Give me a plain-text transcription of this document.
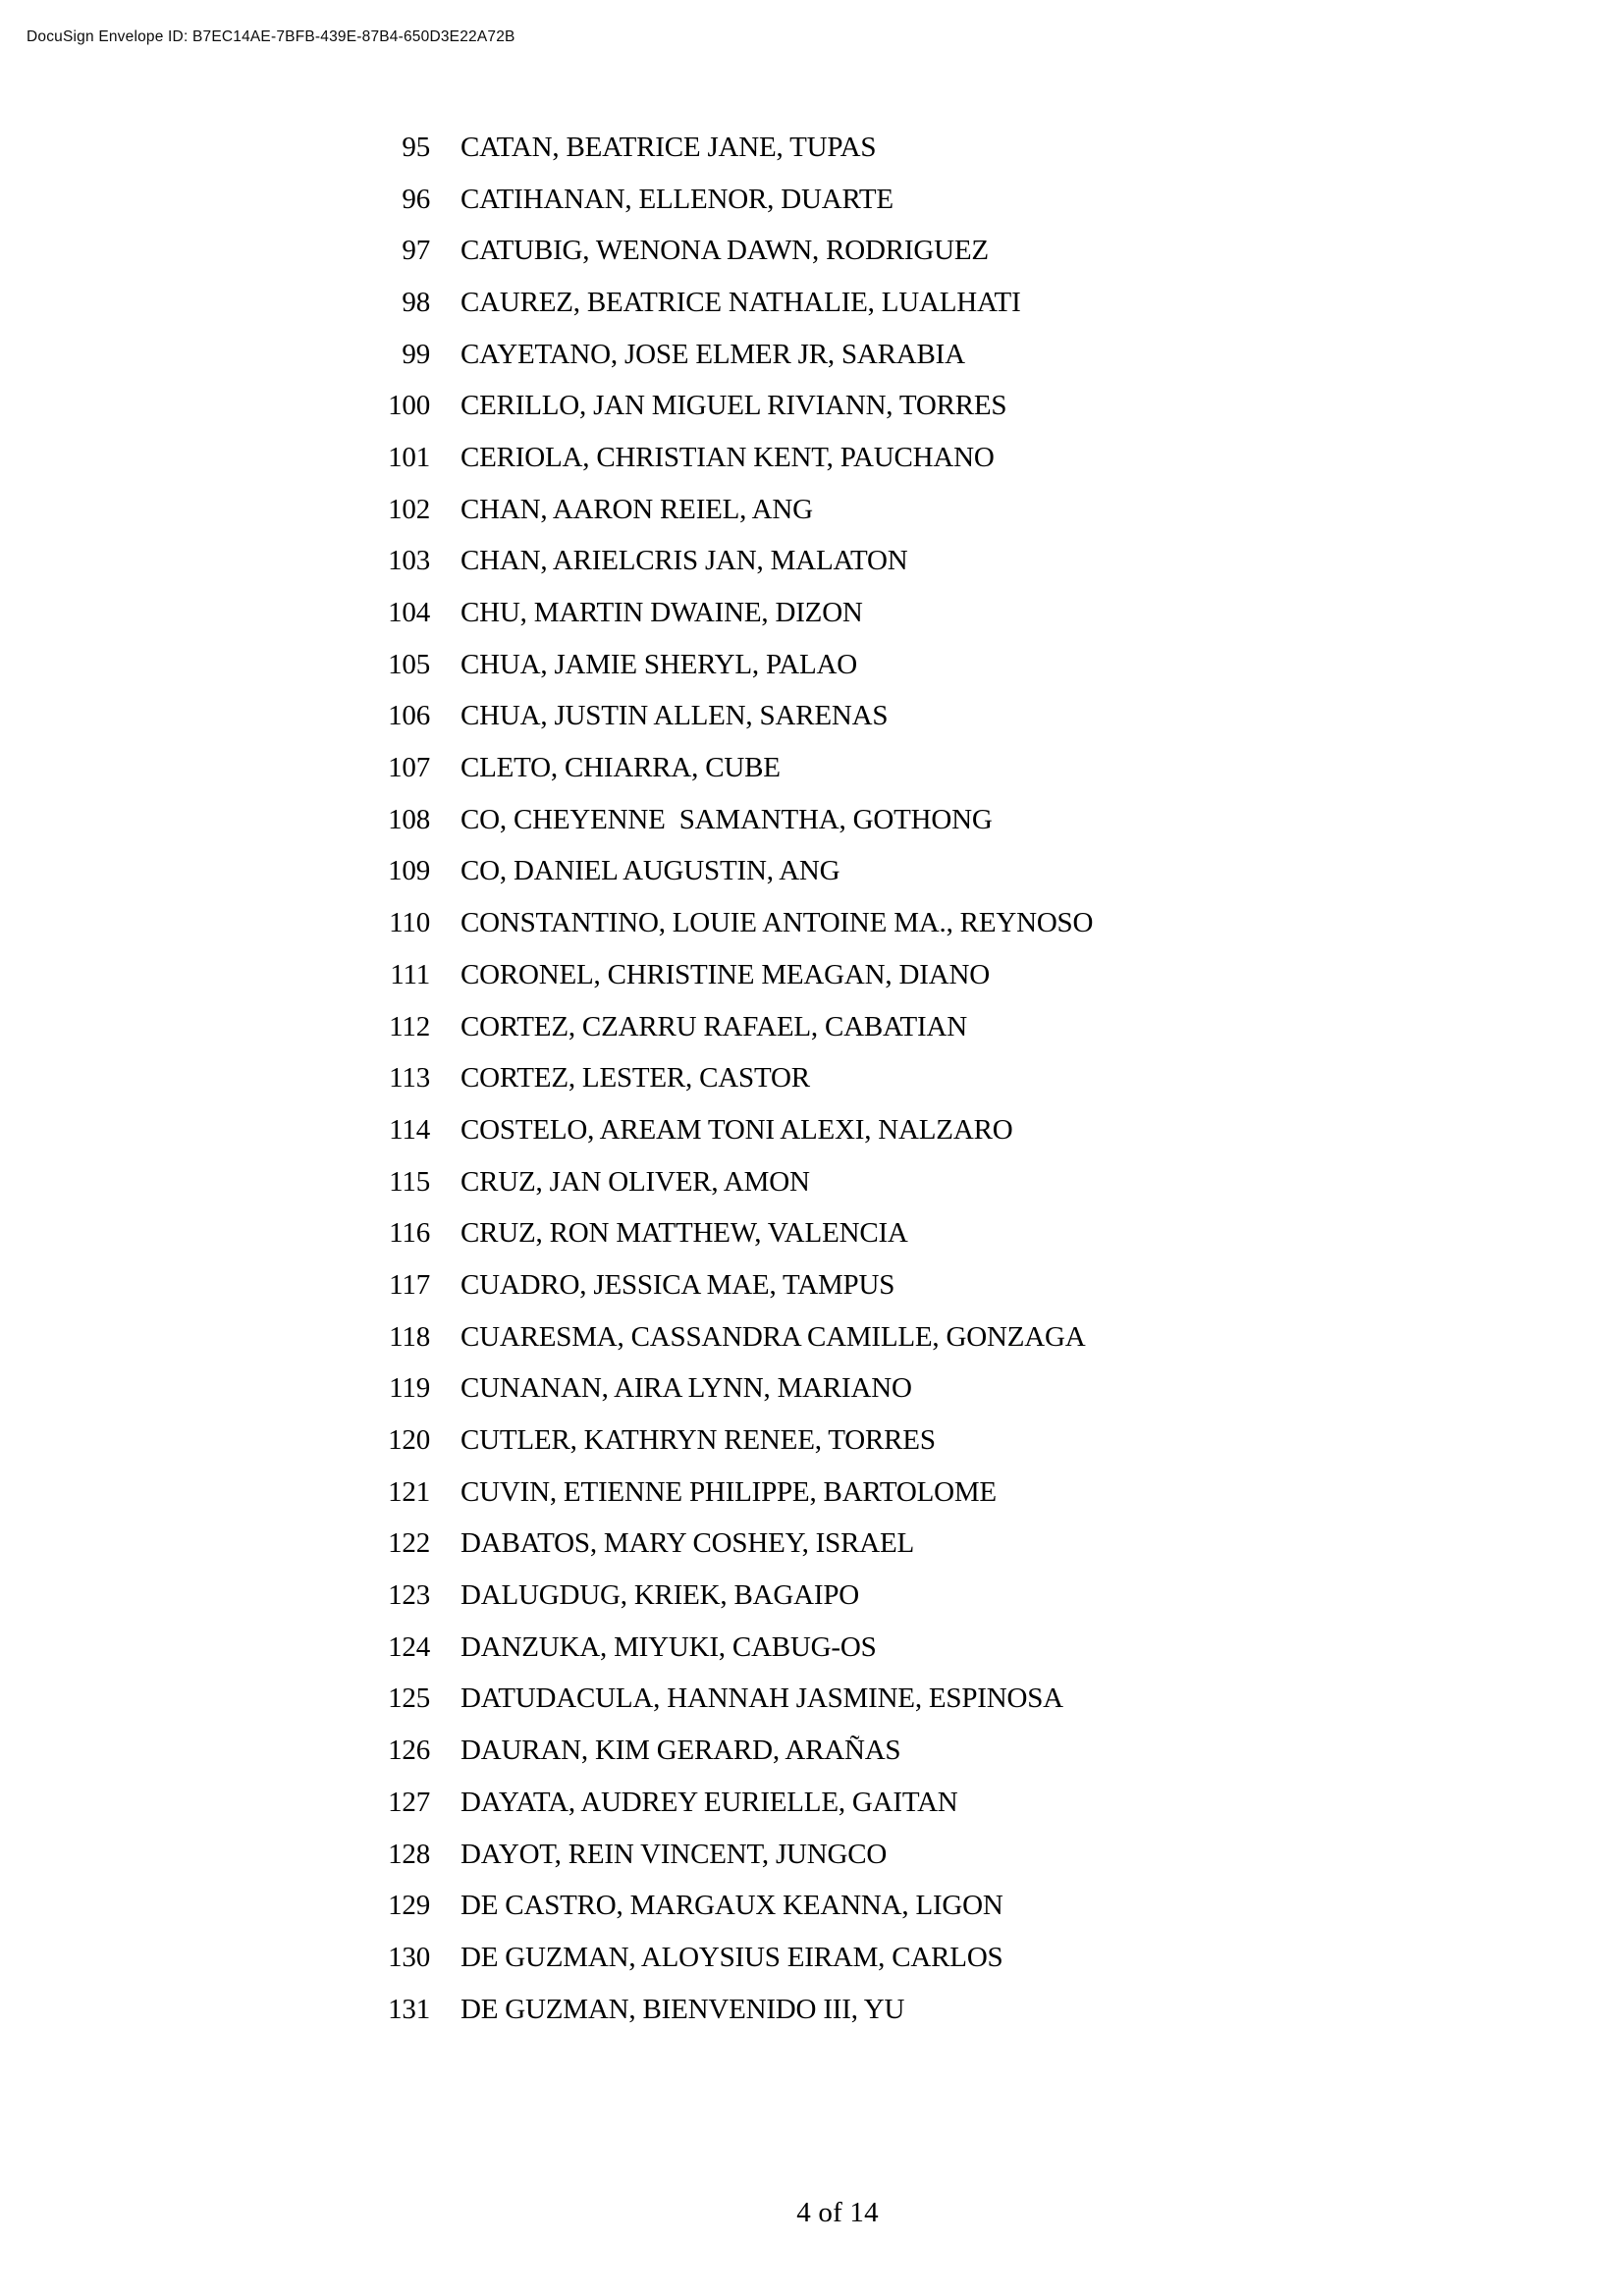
DocuSign Envelope ID: B7EC14AE-7BFB-439E-87B4-650D3E22A72B
95 CATAN, BEATRICE JANE, TUPAS
96 CATIHANAN, ELLENOR, DUARTE
97 CATUBIG, WENONA DAWN, RODRIGUEZ
98 CAUREZ, BEATRICE NATHALIE, LUALHATI
99 CAYETANO, JOSE ELMER JR, SARABIA
100 CERILLO, JAN MIGUEL RIVIANN, TORRES
101 CERIOLA, CHRISTIAN KENT, PAUCHANO
102 CHAN, AARON REIEL, ANG
103 CHAN, ARIELCRIS JAN, MALATON
104 CHU, MARTIN DWAINE, DIZON
105 CHUA, JAMIE SHERYL, PALAO
106 CHUA, JUSTIN ALLEN, SARENAS
107 CLETO, CHIARRA, CUBE
108 CO, CHEYENNE  SAMANTHA, GOTHONG
109 CO, DANIEL AUGUSTIN, ANG
110 CONSTANTINO, LOUIE ANTOINE MA., REYNOSO
111 CORONEL, CHRISTINE MEAGAN, DIANO
112 CORTEZ, CZARRU RAFAEL, CABATIAN
113 CORTEZ, LESTER, CASTOR
114 COSTELO, AREAM TONI ALEXI, NALZARO
115 CRUZ, JAN OLIVER, AMON
116 CRUZ, RON MATTHEW, VALENCIA
117 CUADRO, JESSICA MAE, TAMPUS
118 CUARESMA, CASSANDRA CAMILLE, GONZAGA
119 CUNANAN, AIRA LYNN, MARIANO
120 CUTLER, KATHRYN RENEE, TORRES
121 CUVIN, ETIENNE PHILIPPE, BARTOLOME
122 DABATOS, MARY COSHEY, ISRAEL
123 DALUGDUG, KRIEK, BAGAIPO
124 DANZUKA, MIYUKI, CABUG-OS
125 DATUDACULA, HANNAH JASMINE, ESPINOSA
126 DAURAN, KIM GERARD, ARAÑAS
127 DAYATA, AUDREY EURIELLE, GAITAN
128 DAYOT, REIN VINCENT, JUNGCO
129 DE CASTRO, MARGAUX KEANNA, LIGON
130 DE GUZMAN, ALOYSIUS EIRAM, CARLOS
131 DE GUZMAN, BIENVENIDO III, YU
4 of 14
